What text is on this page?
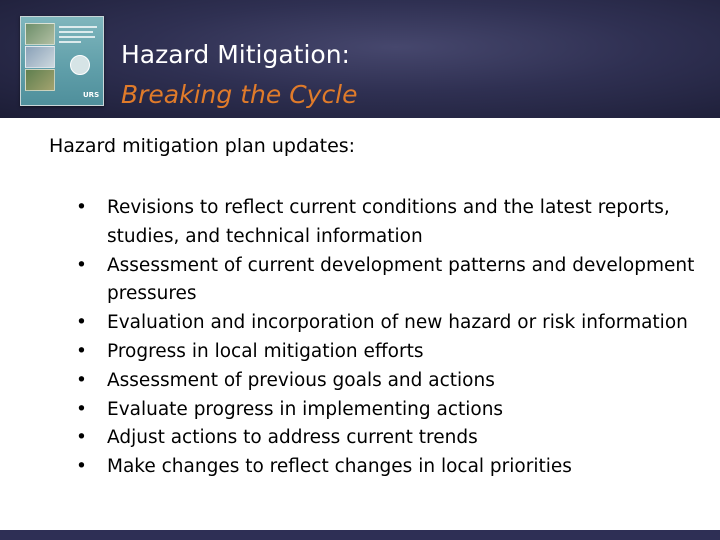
URS
Hazard Mitigation:
Breaking the Cycle
Hazard mitigation plan updates:
• Revisions to reflect current conditions and the latest reports, studies, and technical information
• Assessment of current development patterns and development pressures
• Evaluation and incorporation of new hazard or risk information
• Progress in local mitigation efforts
• Assessment of previous goals and actions
• Evaluate progress in implementing actions
• Adjust actions to address current trends
• Make changes to reflect changes in local priorities
